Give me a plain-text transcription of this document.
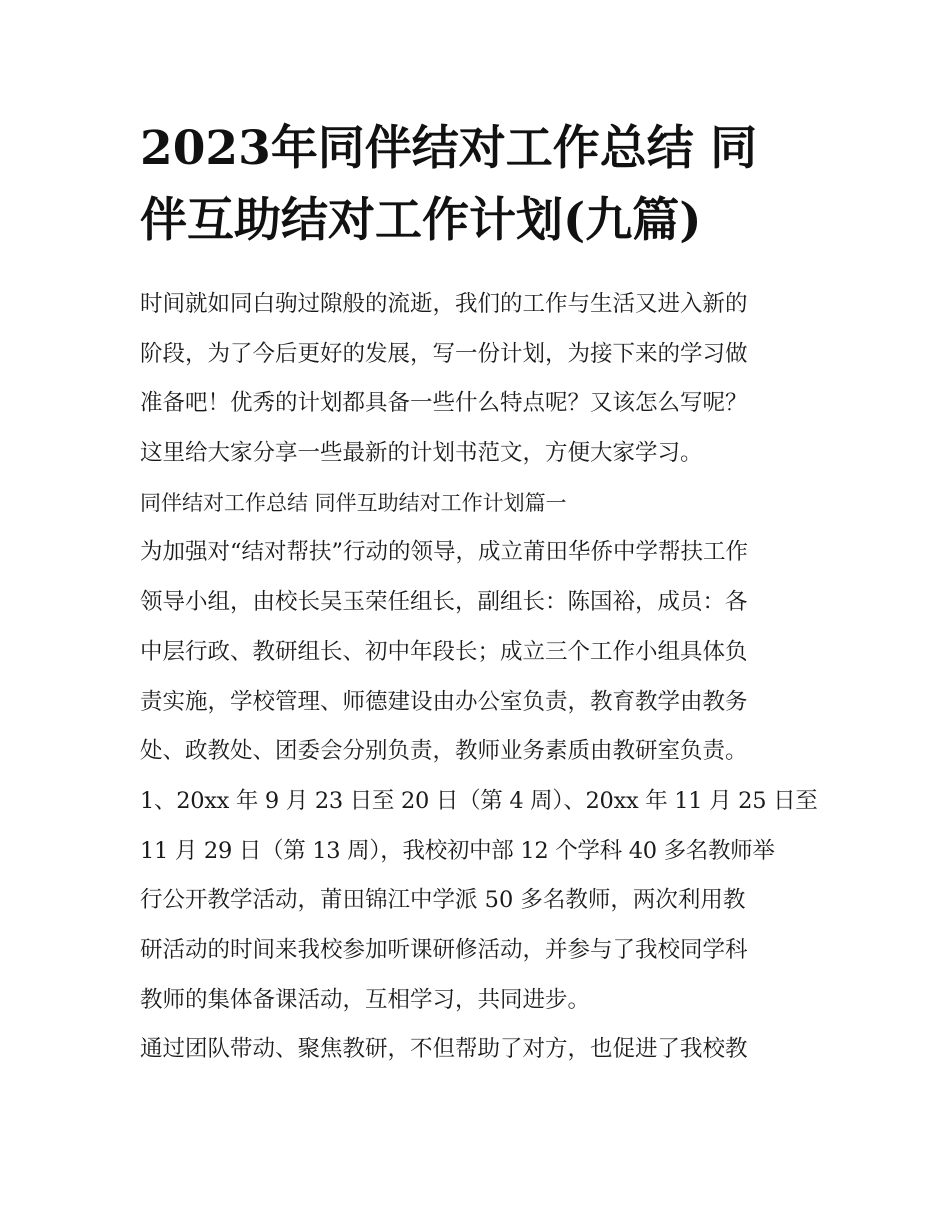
2023年同伴结对工作总结 同
伴互助结对工作计划(九篇)
时间就如同白驹过隙般的流逝，我们的工作与生活又进入新的
阶段，为了今后更好的发展，写一份计划，为接下来的学习做
准备吧！优秀的计划都具备一些什么特点呢？又该怎么写呢？
这里给大家分享一些最新的计划书范文，方便大家学习。
同伴结对工作总结 同伴互助结对工作计划篇一
为加强对“结对帮扶”行动的领导，成立莆田华侨中学帮扶工作
领导小组，由校长吴玉荣任组长，副组长：陈国裕，成员：各
中层行政、教研组长、初中年段长；成立三个工作小组具体负
责实施，学校管理、师德建设由办公室负责，教育教学由教务
处、政教处、团委会分别负责，教师业务素质由教研室负责。
1、20xx 年 9 月 23 日至 20 日（第 4 周）、20xx 年 11 月 25 日至
11 月 29 日（第 13 周），我校初中部 12 个学科 40 多名教师举
行公开教学活动，莆田锦江中学派 50 多名教师，两次利用教
研活动的时间来我校参加听课研修活动，并参与了我校同学科
教师的集体备课活动，互相学习，共同进步。
通过团队带动、聚焦教研，不但帮助了对方，也促进了我校教
